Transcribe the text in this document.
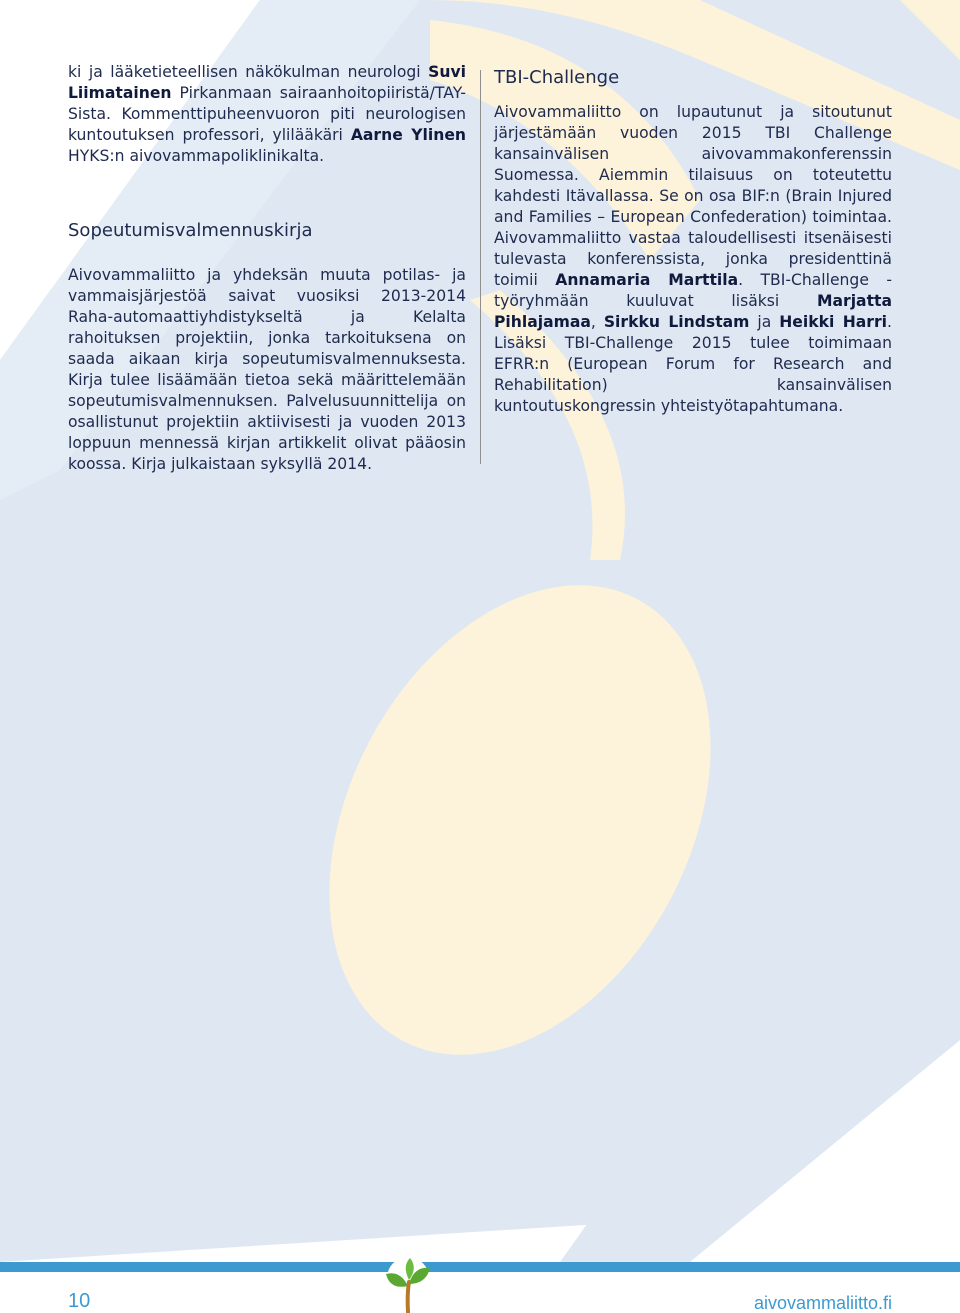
ki ja lääketieteellisen näkökulman neurologi Suvi Liimatainen Pirkanmaan sairaanhoitopiiristä/TAY-Sista. Kommenttipuheenvuoron piti neurologisen kuntoutuksen professori, ylilääkäri Aarne Ylinen HYKS:n aivovammapoliklinikalta.

Sopeutumisvalmennuskirja

Aivovammaliitto ja yhdeksän muuta potilas- ja vammaisjärjestöä saivat vuosiksi 2013-2014 Raha-automaattiyhdistykseltä ja Kelalta rahoituksen projektiin, jonka tarkoituksena on saada aikaan kirja sopeutumisvalmennuksesta. Kirja tulee lisäämään tietoa sekä määrittelemään sopeutumisvalmennuksen. Palvelusuunnittelija on osallistunut projektiin aktiivisesti ja vuoden 2013 loppuun mennessä kirjan artikkelit olivat pääosin koossa. Kirja julkaistaan syksyllä 2014.

TBI-Challenge

Aivovammaliitto on lupautunut ja sitoutunut järjestämään vuoden 2015 TBI Challenge kansainvälisen aivovammakonferenssin Suomessa. Aiemmin tilaisuus on toteutettu kahdesti Itävallassa. Se on osa BIF:n (Brain Injured and Families – European Confederation) toimintaa. Aivovammaliitto vastaa taloudellisesti itsenäisesti tulevasta konferenssista, jonka presidenttinä toimii Annamaria Marttila. TBI-Challenge -työryhmään kuuluvat lisäksi Marjatta Pihlajamaa, Sirkku Lindstam ja Heikki Harri. Lisäksi TBI-Challenge 2015 tulee toimimaan EFRR:n (European Forum for Research and Rehabilitation) kansainvälisen kuntoutuskongressin yhteistyötapahtumana.

10	aivovammaliitto.fi
